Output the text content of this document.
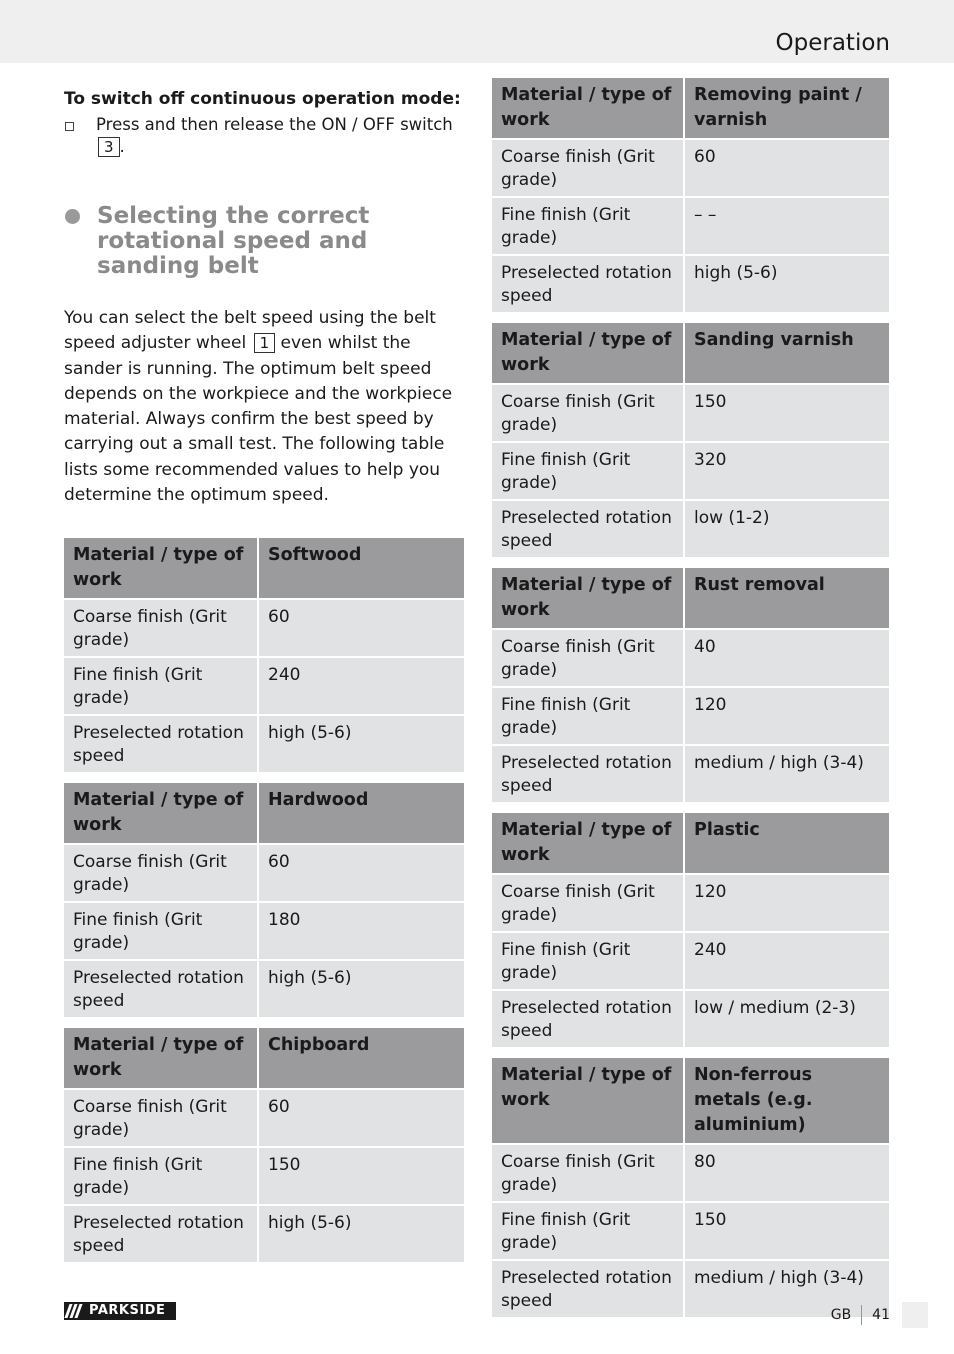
Operation

To switch off continuous operation mode:

Press and then release the ON / OFF switch 3 .
Selecting the correct rotational speed and sanding belt
You can select the belt speed using the belt speed adjuster wheel 1 even whilst the sander is running. The optimum belt speed depends on the workpiece and the workpiece material. Always confirm the best speed by carrying out a small test. The following table lists some recommended values to help you determine the optimum speed.
Material / type of work	Softwood
Coarse finish (Grit grade)	60
Fine finish (Grit grade)	240
Preselected rotation speed	high (5-6)
Material / type of work	Hardwood
Coarse finish (Grit grade)	60
Fine finish (Grit grade)	180
Preselected rotation speed	high (5-6)
Material / type of work	Chipboard
Coarse finish (Grit grade)	60
Fine finish (Grit grade)	150
Preselected rotation speed	high (5-6)
Material / type of work	Removing paint / varnish
Coarse finish (Grit grade)	60
Fine finish (Grit grade)	– –
Preselected rotation speed	high (5-6)
Material / type of work	Sanding varnish
Coarse finish (Grit grade)	150
Fine finish (Grit grade)	320
Preselected rotation speed	low (1-2)
Material / type of work	Rust removal
Coarse finish (Grit grade)	40
Fine finish (Grit grade)	120
Preselected rotation speed	medium / high (3-4)
Material / type of work	Plastic
Coarse finish (Grit grade)	120
Fine finish (Grit grade)	240
Preselected rotation speed	low / medium (2-3)
Material / type of work	Non-ferrous metals (e.g. aluminium)
Coarse finish (Grit grade)	80
Fine finish (Grit grade)	150
Preselected rotation speed	medium / high (3-4)
PARKSIDE	GB 41
